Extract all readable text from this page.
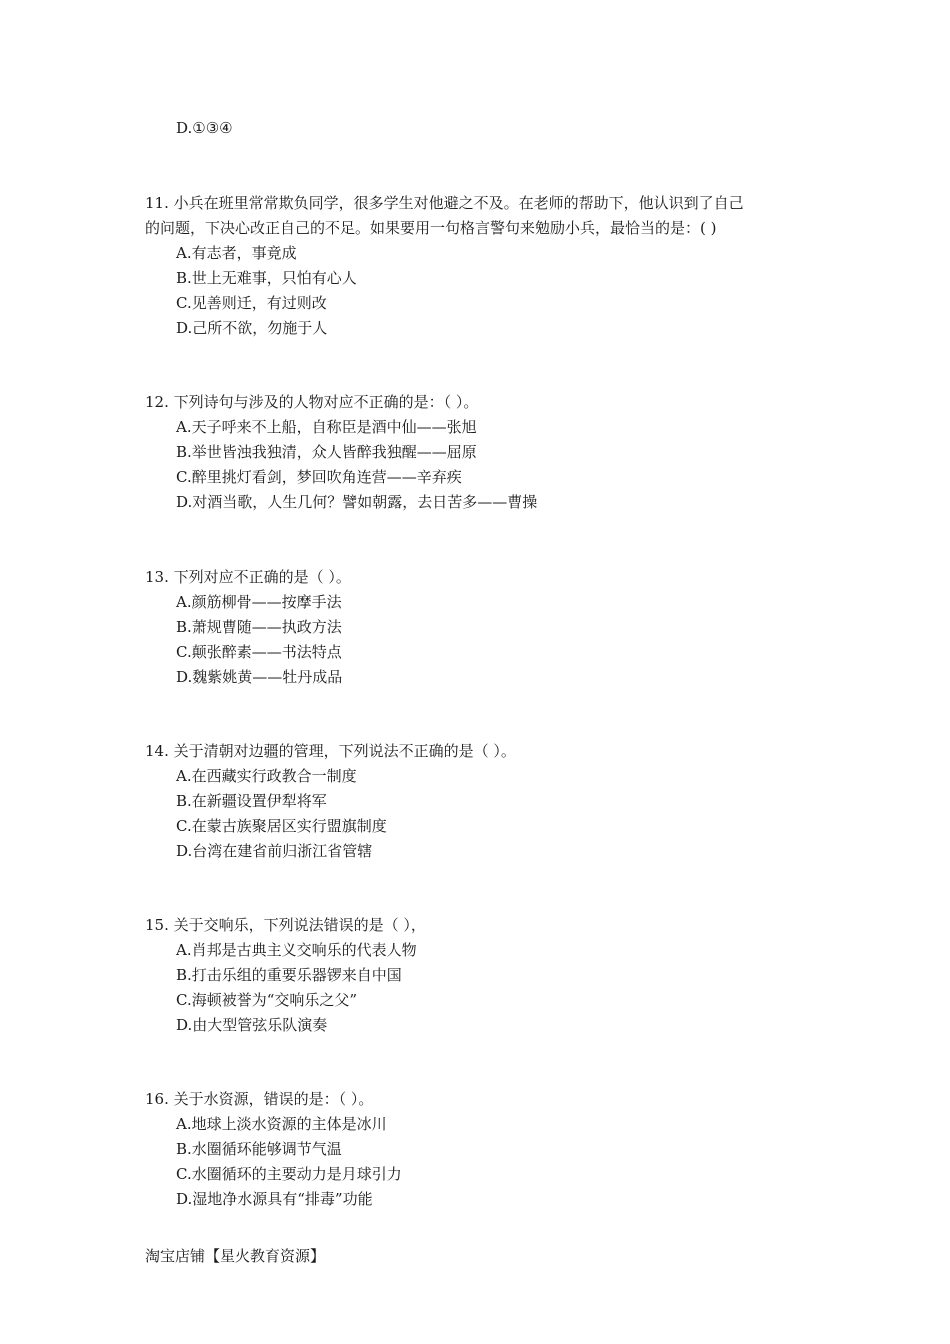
D.①③④
11. 小兵在班里常常欺负同学，很多学生对他避之不及。在老师的帮助下，他认识到了自己
的问题，下决心改正自己的不足。如果要用一句格言警句来勉励小兵，最恰当的是：( )
A.有志者，事竟成
B.世上无难事，只怕有心人
C.见善则迁，有过则改
D.己所不欲，勿施于人
12. 下列诗句与涉及的人物对应不正确的是：（ ）。
A.天子呼来不上船，自称臣是酒中仙——张旭
B.举世皆浊我独清，众人皆醉我独醒——屈原
C.醉里挑灯看剑，梦回吹角连营——辛弃疾
D.对酒当歌，人生几何？譬如朝露，去日苦多——曹操
13. 下列对应不正确的是（ ）。
A.颜筋柳骨——按摩手法
B.萧规曹随——执政方法
C.颠张醉素——书法特点
D.魏紫姚黄——牡丹成品
14. 关于清朝对边疆的管理，下列说法不正确的是（ ）。
A.在西藏实行政教合一制度
B.在新疆设置伊犁将军
C.在蒙古族聚居区实行盟旗制度
D.台湾在建省前归浙江省管辖
15. 关于交响乐，下列说法错误的是（ ），
A.肖邦是古典主义交响乐的代表人物
B.打击乐组的重要乐器锣来自中国
C.海顿被誉为“交响乐之父”
D.由大型管弦乐队演奏
16. 关于水资源，错误的是：（ ）。
A.地球上淡水资源的主体是冰川
B.水圈循环能够调节气温
C.水圈循环的主要动力是月球引力
D.湿地净水源具有“排毒”功能
淘宝店铺【星火教育资源】
